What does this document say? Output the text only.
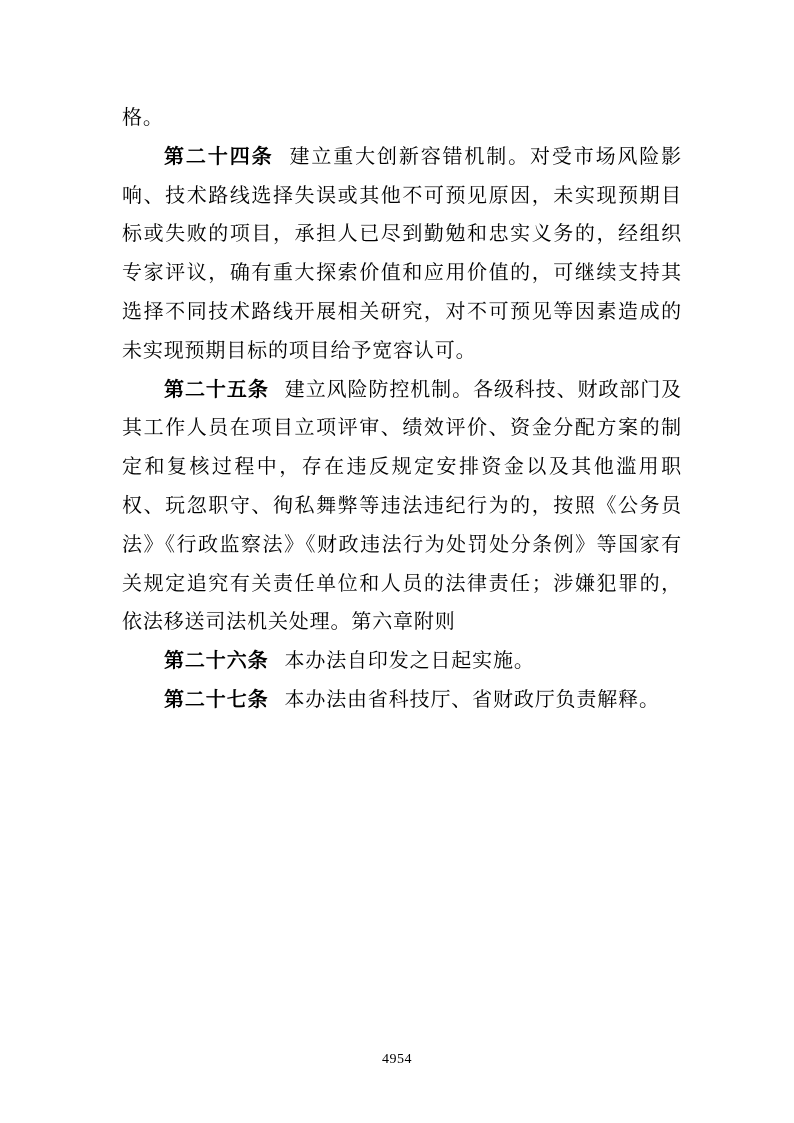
格。

第二十四条 建立重大创新容错机制。对受市场风险影响、技术路线选择失误或其他不可预见原因，未实现预期目标或失败的项目，承担人已尽到勤勉和忠实义务的，经组织专家评议，确有重大探索价值和应用价值的，可继续支持其选择不同技术路线开展相关研究，对不可预见等因素造成的未实现预期目标的项目给予宽容认可。

第二十五条 建立风险防控机制。各级科技、财政部门及其工作人员在项目立项评审、绩效评价、资金分配方案的制定和复核过程中，存在违反规定安排资金以及其他滥用职权、玩忽职守、徇私舞弊等违法违纪行为的，按照《公务员法》《行政监察法》《财政违法行为处罚处分条例》等国家有关规定追究有关责任单位和人员的法律责任；涉嫌犯罪的，依法移送司法机关处理。第六章附则

第二十六条 本办法自印发之日起实施。

第二十七条 本办法由省科技厅、省财政厅负责解释。

4954
